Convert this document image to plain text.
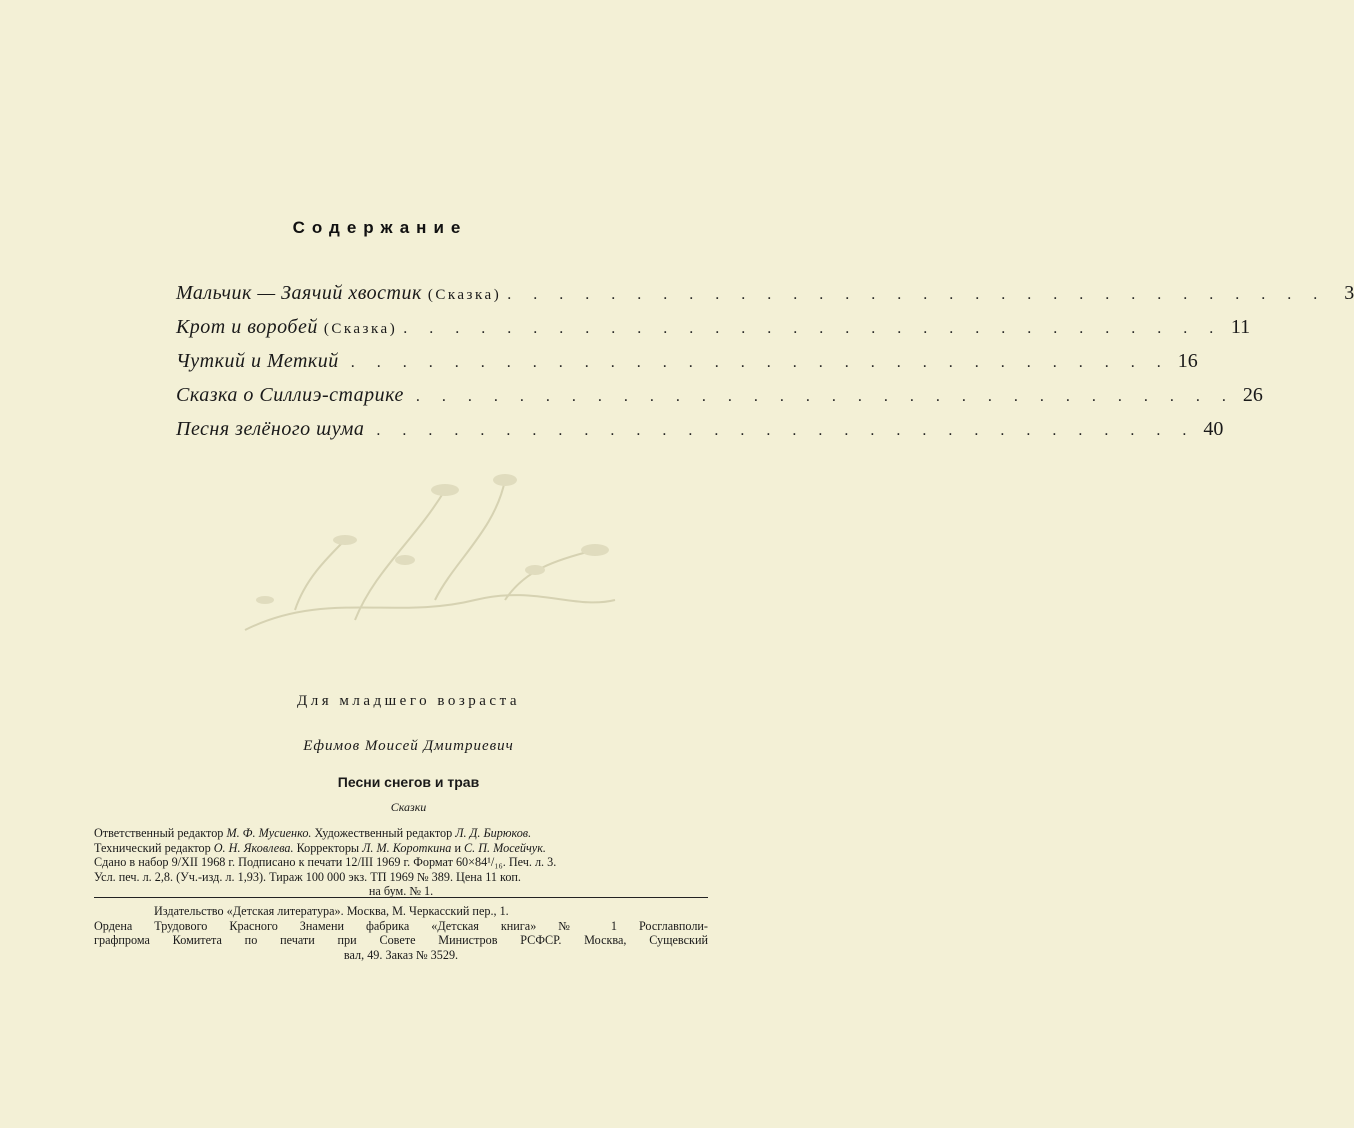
Содержание
Мальчик — Заячий хвостик (Сказка) . . . . . . . . . . . . . . . . . . . . . . . . . . . . . . . . 3
Крот и воробей (Сказка) . . . . . . . . . . . . . . . . . . . . . . . . . . . . . . . . 11
Чуткий и Меткий . . . . . . . . . . . . . . . . . . . . . . . . . . . . . . . . 16
Сказка о Силлиэ-старике . . . . . . . . . . . . . . . . . . . . . . . . . . . . . . . . 26
Песня зелёного шума . . . . . . . . . . . . . . . . . . . . . . . . . . . . . . . . 40
Для младшего возраста
Ефимов Моисей Дмитриевич
Песни снегов и трав
Сказки

Ответственный редактор М. Ф. Мусиенко. Художественный редактор Л. Д. Бирюков.

Технический редактор О. Н. Яковлева. Корректоры Л. М. Короткина и С. П. Мосейчук.

Сдано в набор 9/XII 1968 г. Подписано к печати 12/III 1969 г. Формат 60×84¹/₁₆. Печ. л. 3.

Усл. печ. л. 2,8. (Уч.-изд. л. 1,93). Тираж 100 000 экз. ТП 1969 № 389. Цена 11 коп.

на бум. № 1.

Издательство «Детская литература». Москва, М. Черкасский пер., 1.

Ордена Трудового Красного Знамени фабрика «Детская книга» № 1 Росглавполи-

графпрома Комитета по печати при Совете Министров РСФСР. Москва, Сущевский

вал, 49. Заказ № 3529.
